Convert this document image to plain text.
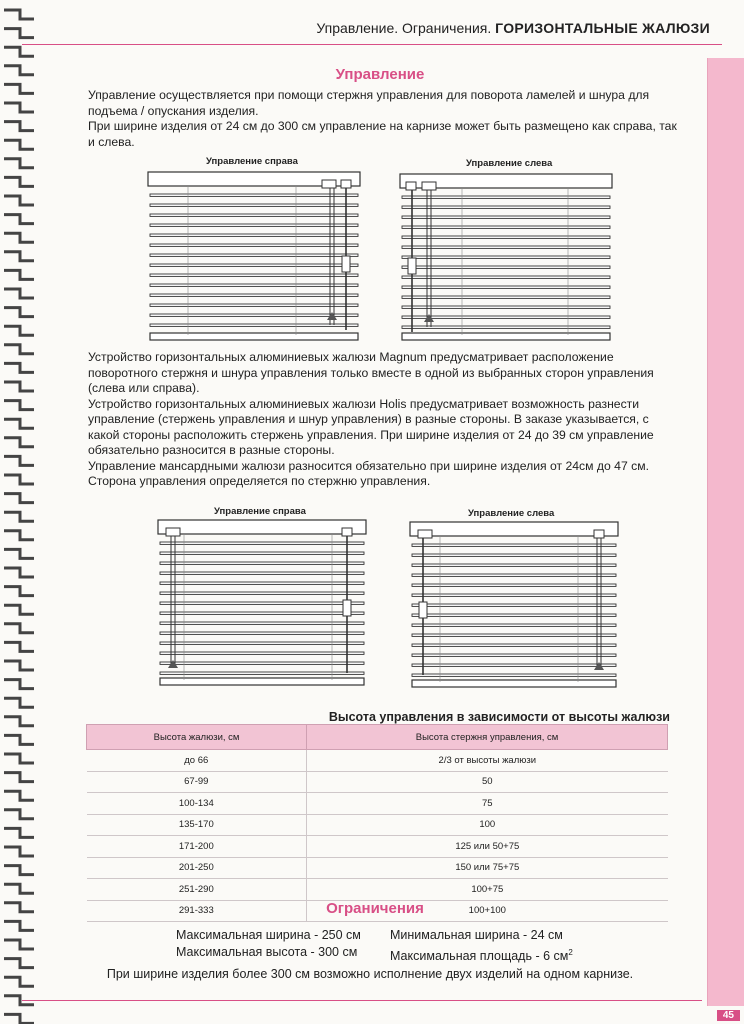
45
Управление. Ограничения. ГОРИЗОНТАЛЬНЫЕ ЖАЛЮЗИ
Управление

Управление осуществляется при помощи стержня управления для поворота ламелей и шнура для подъема / опускания изделия.

При ширине изделия от 24 см до 300 см управление на карнизе может быть размещено как справа, так и слева.

Управление справа	Управление слева

Устройство горизонтальных алюминиевых жалюзи Magnum предусматривает расположение поворотного стержня и шнура управления только вместе в одной из выбранных сторон управления (слева или справа).

Устройство горизонтальных алюминиевых жалюзи Holis предусматривает возможность разнести управление (стержень управления и шнур управления) в разные стороны. В заказе указывается, с какой стороны расположить стержень управления. При ширине изделия от 24 до 39 см управление обязательно разносится в разные стороны.

Управление мансардными жалюзи разносится обязательно при ширине изделия от 24см до 47 см.

Сторона управления определяется по стержню управления.

Управление справа	Управление слева
Высота управления в зависимости от высоты жалюзи
Высота жалюзи, см	Высота стержня управления, см
до 66	2/3 от высоты жалюзи
67-99	50
100-134	75
135-170	100
171-200	125 или 50+75
201-250	150 или 75+75
251-290	100+75
291-333	100+100
Ограничения
Максимальная ширина - 250 см
Максимальная высота - 300 см
Минимальная ширина - 24 см
Максимальная площадь - 6 $см^2$
При ширине изделия более 300 см возможно исполнение двух изделий на одном карнизе.
